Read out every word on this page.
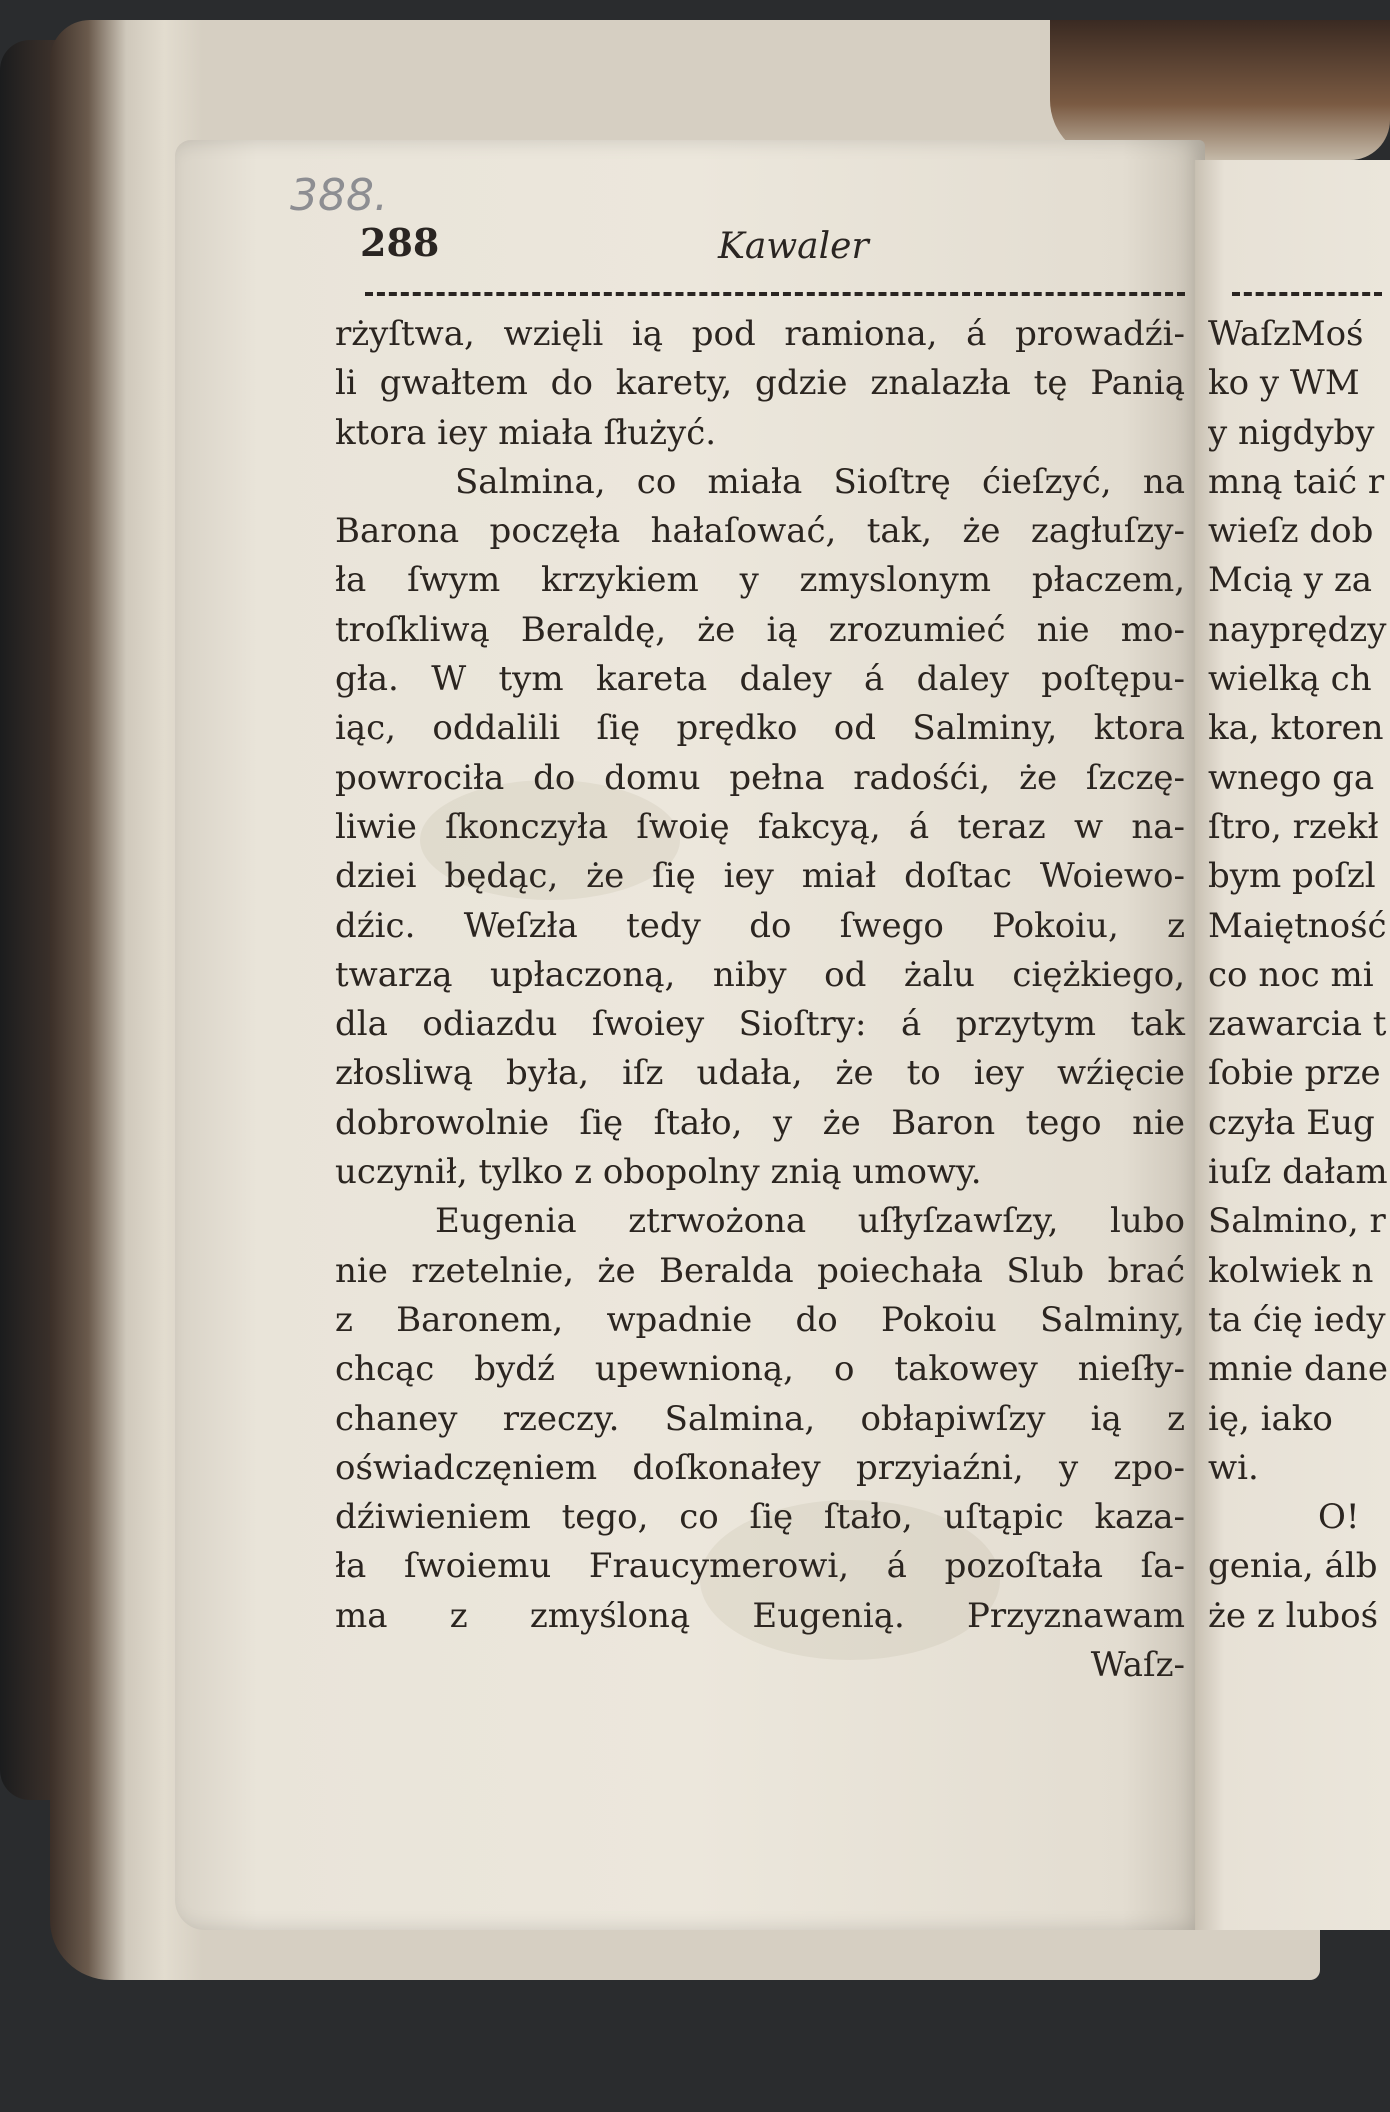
388.
288	Kawaler
rżyſtwa, wzięli ią pod ramiona, á prowadźi-
li gwałtem do karety, gdzie znalazła tę Panią
ktora iey miała ſłużyć.
Salmina, co miała Sioſtrę ćieſzyć, na
Barona poczęła hałaſować, tak, że zagłuſzy-
ła ſwym krzykiem y zmyslonym płaczem,
troſkliwą Beraldę, że ią zrozumieć nie mo-
gła. W tym kareta daley á daley poſtępu-
iąc, oddalili ſię prędko od Salminy, ktora
powrociła do domu pełna radośći, że ſzczę-
liwie ſkonczyła ſwoię fakcyą, á teraz w na-
dziei będąc, że ſię iey miał doſtac Woiewo-
dźic. Weſzła tedy do ſwego Pokoiu, z
twarzą upłaczoną, niby od żalu ciężkiego,
dla odiazdu ſwoiey Sioſtry: á przytym tak
złosliwą była, iſz udała, że to iey wźięcie
dobrowolnie ſię ſtało, y że Baron tego nie
uczynił, tylko z obopolny znią umowy.
Eugenia ztrwożona uſłyſzawſzy, lubo
nie rzetelnie, że Beralda poiechała Slub brać
z Baronem, wpadnie do Pokoiu Salminy,
chcąc bydź upewnioną, o takowey nieſły-
chaney rzeczy. Salmina, obłapiwſzy ią z
oświadczęniem doſkonałey przyiaźni, y zpo-
dźiwieniem tego, co ſię ſtało, uſtąpic kaza-
ła ſwoiemu Fraucymerowi, á pozoſtała ſa-
ma z zmyśloną Eugenią. Przyznawam
Waſz-
WaſzMoś
ko y WM
y nigdyby
mną taić r
wieſz dob
Mcią y za
nayprędzy
wielką ch
ka, ktoren
wnego ga
ſtro, rzekł
bym poſzl
Maiętność
co noc mi
zawarcia t
ſobie prze
czyła Eug
iuſz dałam
Salmino, r
kolwiek n
ta ćię iedy
mnie dane
ię, iako
wi.
O!
genia, álb
że z luboś
